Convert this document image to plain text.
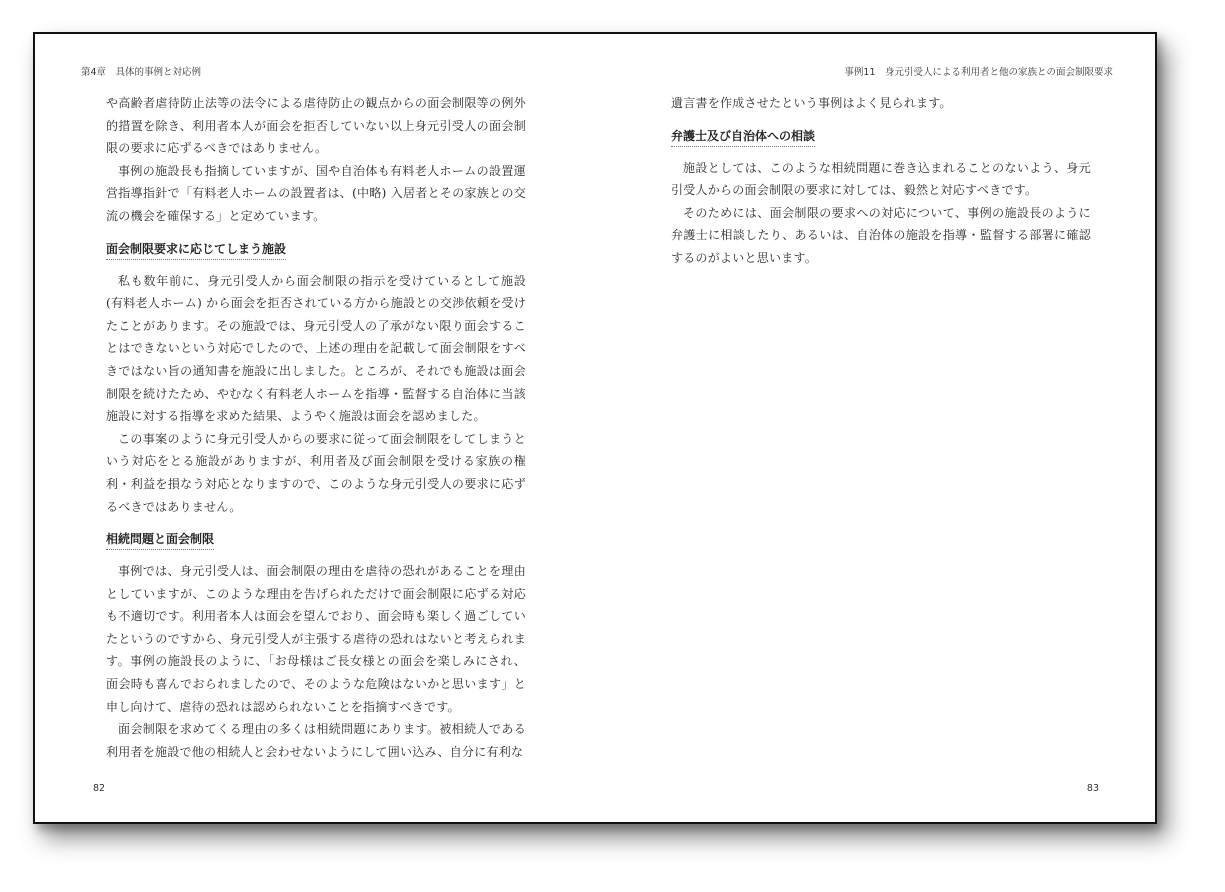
第4章　具体的事例と対応例

や高齢者虐待防止法等の法令による虐待防止の観点からの面会制限等の例外的措置を除き、利用者本人が面会を拒否していない以上身元引受人の面会制限の要求に応ずるべきではありません。

事例の施設長も指摘していますが、国や自治体も有料老人ホームの設置運営指導指針で「有料老人ホームの設置者は、(中略) 入居者とその家族との交流の機会を確保する」と定めています。

面会制限要求に応じてしまう施設

私も数年前に、身元引受人から面会制限の指示を受けているとして施設(有料老人ホーム) から面会を拒否されている方から施設との交渉依頼を受けたことがあります。その施設では、身元引受人の了承がない限り面会することはできないという対応でしたので、上述の理由を記載して面会制限をすべきではない旨の通知書を施設に出しました。ところが、それでも施設は面会制限を続けたため、やむなく有料老人ホームを指導・監督する自治体に当該施設に対する指導を求めた結果、ようやく施設は面会を認めました。

この事案のように身元引受人からの要求に従って面会制限をしてしまうという対応をとる施設がありますが、利用者及び面会制限を受ける家族の権利・利益を損なう対応となりますので、このような身元引受人の要求に応ずるべきではありません。

相続問題と面会制限

事例では、身元引受人は、面会制限の理由を虐待の恐れがあることを理由としていますが、このような理由を告げられただけで面会制限に応ずる対応も不適切です。利用者本人は面会を望んでおり、面会時も楽しく過ごしていたというのですから、身元引受人が主張する虐待の恐れはないと考えられます。事例の施設長のように、「お母様はご長女様との面会を楽しみにされ、面会時も喜んでおられましたので、そのような危険はないかと思います」と申し向けて、虐待の恐れは認められないことを指摘すべきです。

面会制限を求めてくる理由の多くは相続問題にあります。被相続人である利用者を施設で他の相続人と会わせないようにして囲い込み、自分に有利な

82
事例11　身元引受人による利用者と他の家族との面会制限要求

遺言書を作成させたという事例はよく見られます。

弁護士及び自治体への相談

施設としては、このような相続問題に巻き込まれることのないよう、身元引受人からの面会制限の要求に対しては、毅然と対応すべきです。

そのためには、面会制限の要求への対応について、事例の施設長のように弁護士に相談したり、あるいは、自治体の施設を指導・監督する部署に確認するのがよいと思います。

83
